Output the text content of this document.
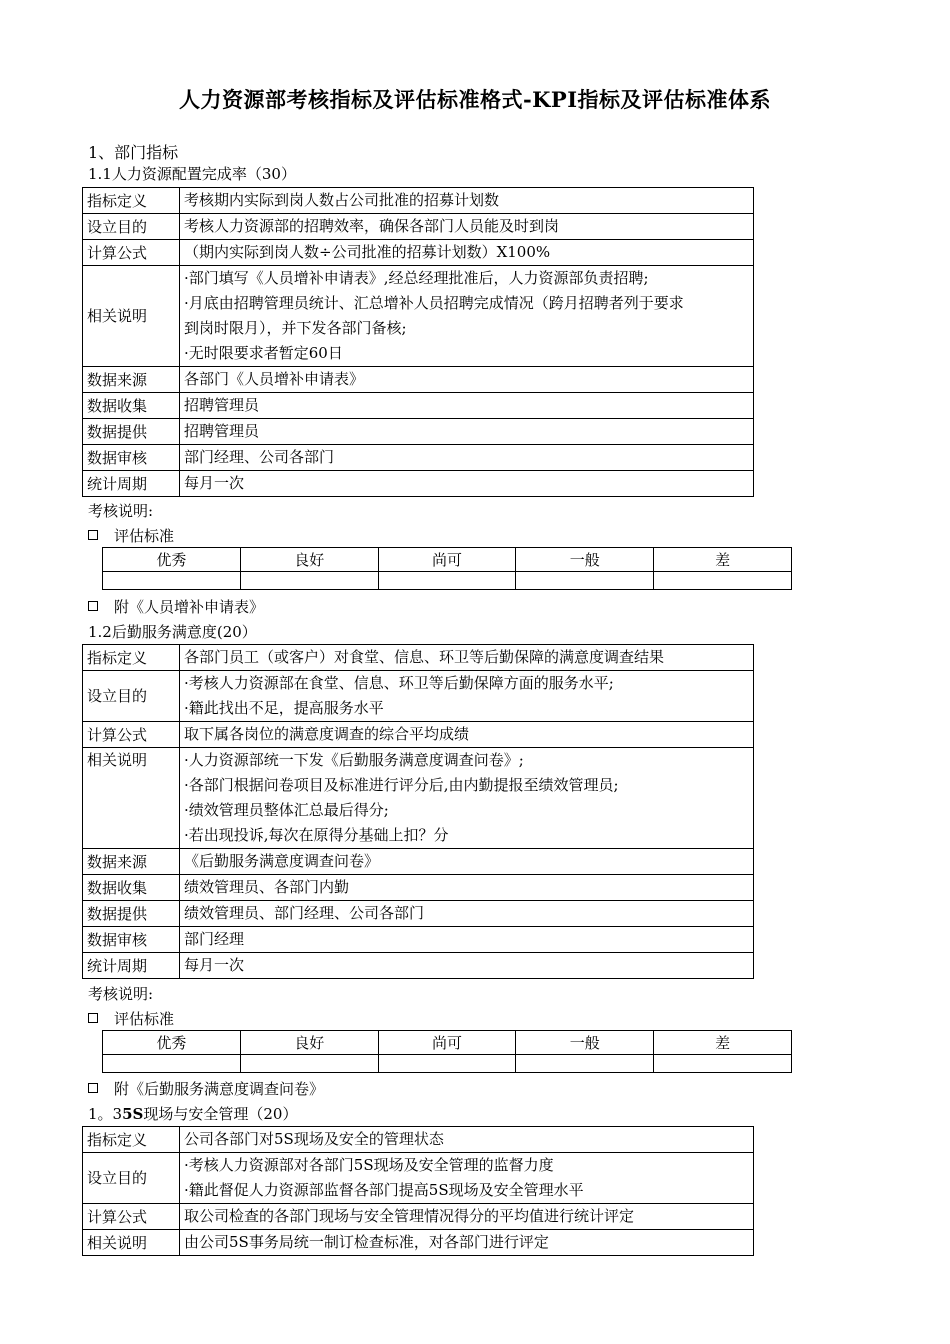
人力资源部考核指标及评估标准格式-KPI指标及评估标准体系
1、部门指标
1.1人力资源配置完成率（30）
指标定义	考核期内实际到岗人数占公司批准的招募计划数
设立目的	考核人力资源部的招聘效率，确保各部门人员能及时到岗
计算公式	（期内实际到岗人数÷公司批准的招募计划数）X100%
相关说明	·部门填写《人员增补申请表》,经总经理批准后，人力资源部负责招聘;
·月底由招聘管理员统计、汇总增补人员招聘完成情况（跨月招聘者列于要求
到岗时限月），并下发各部门备核;
·无时限要求者暂定60日

数据来源	各部门《人员增补申请表》
数据收集	招聘管理员
数据提供	招聘管理员
数据审核	部门经理、公司各部门
统计周期	每月一次
考核说明:
评估标准
优秀	良好	尚可	一般	差

附《人员增补申请表》
1.2后勤服务满意度(20）
指标定义	各部门员工（或客户）对食堂、信息、环卫等后勤保障的满意度调查结果
设立目的	·考核人力资源部在食堂、信息、环卫等后勤保障方面的服务水平;
·籍此找出不足，提高服务水平

计算公式	取下属各岗位的满意度调查的综合平均成绩
相关说明	·人力资源部统一下发《后勤服务满意度调查问卷》;
·各部门根据问卷项目及标准进行评分后,由内勤提报至绩效管理员;
·绩效管理员整体汇总最后得分;
·若出现投诉,每次在原得分基础上扣？分

数据来源	《后勤服务满意度调查问卷》
数据收集	绩效管理员、各部门内勤
数据提供	绩效管理员、部门经理、公司各部门
数据审核	部门经理
统计周期	每月一次
考核说明:
评估标准
优秀	良好	尚可	一般	差

附《后勤服务满意度调查问卷》
1。35S现场与安全管理（20）
指标定义	公司各部门对5S现场及安全的管理状态
设立目的	·考核人力资源部对各部门5S现场及安全管理的监督力度
·籍此督促人力资源部监督各部门提高5S现场及安全管理水平

计算公式	取公司检查的各部门现场与安全管理情况得分的平均值进行统计评定
相关说明	由公司5S事务局统一制订检查标准，对各部门进行评定
